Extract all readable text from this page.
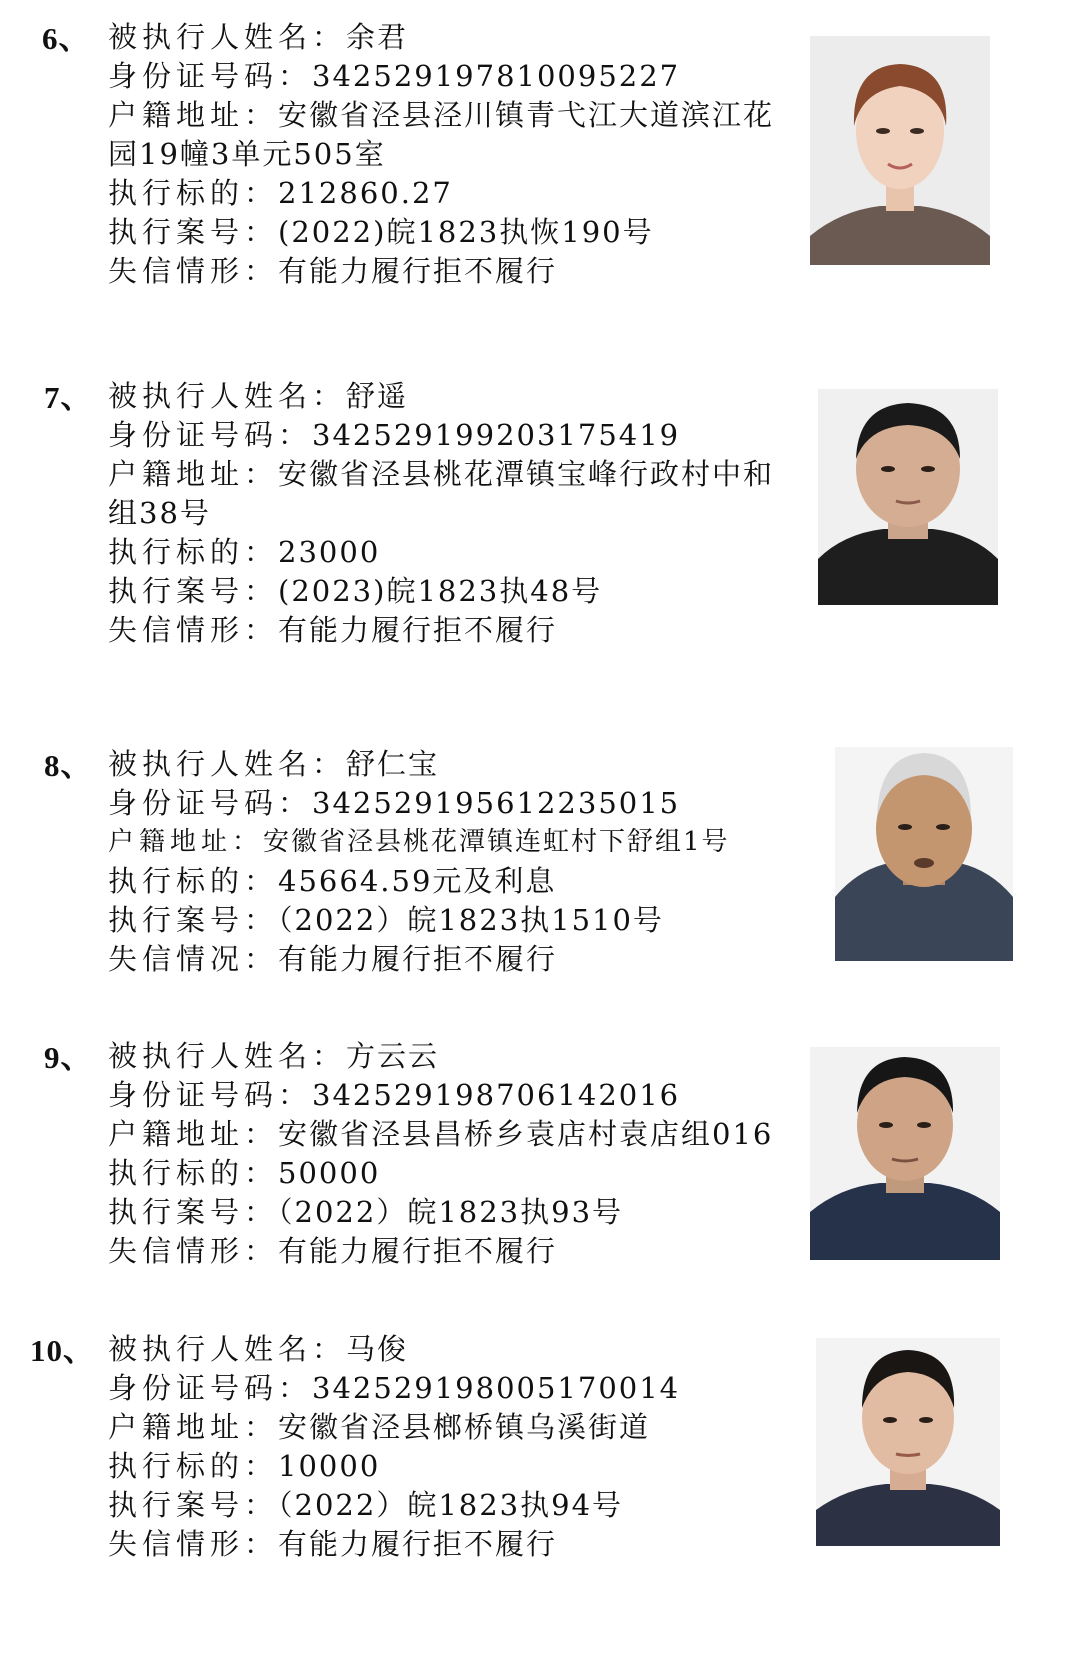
6、 被执行人姓名：余君
身份证号码：342529197810095227
户籍地址：安徽省泾县泾川镇青弋江大道滨江花园19幢3单元505室
执行标的：212860.27
执行案号：(2022)皖1823执恢190号
失信情形：有能力履行拒不履行
7、 被执行人姓名：舒遥
身份证号码：342529199203175419
户籍地址：安徽省泾县桃花潭镇宝峰行政村中和组38号
执行标的：23000
执行案号：(2023)皖1823执48号
失信情形：有能力履行拒不履行
8、 被执行人姓名：舒仁宝
身份证号码：342529195612235015
户籍地址：安徽省泾县桃花潭镇连虹村下舒组1号
执行标的：45664.59元及利息
执行案号：（2022）皖1823执1510号
失信情况：有能力履行拒不履行
9、 被执行人姓名：方云云
身份证号码：342529198706142016
户籍地址：安徽省泾县昌桥乡袁店村袁店组016
执行标的：50000
执行案号：（2022）皖1823执93号
失信情形：有能力履行拒不履行
10、 被执行人姓名：马俊
身份证号码：342529198005170014
户籍地址：安徽省泾县榔桥镇乌溪街道
执行标的：10000
执行案号：（2022）皖1823执94号
失信情形：有能力履行拒不履行
